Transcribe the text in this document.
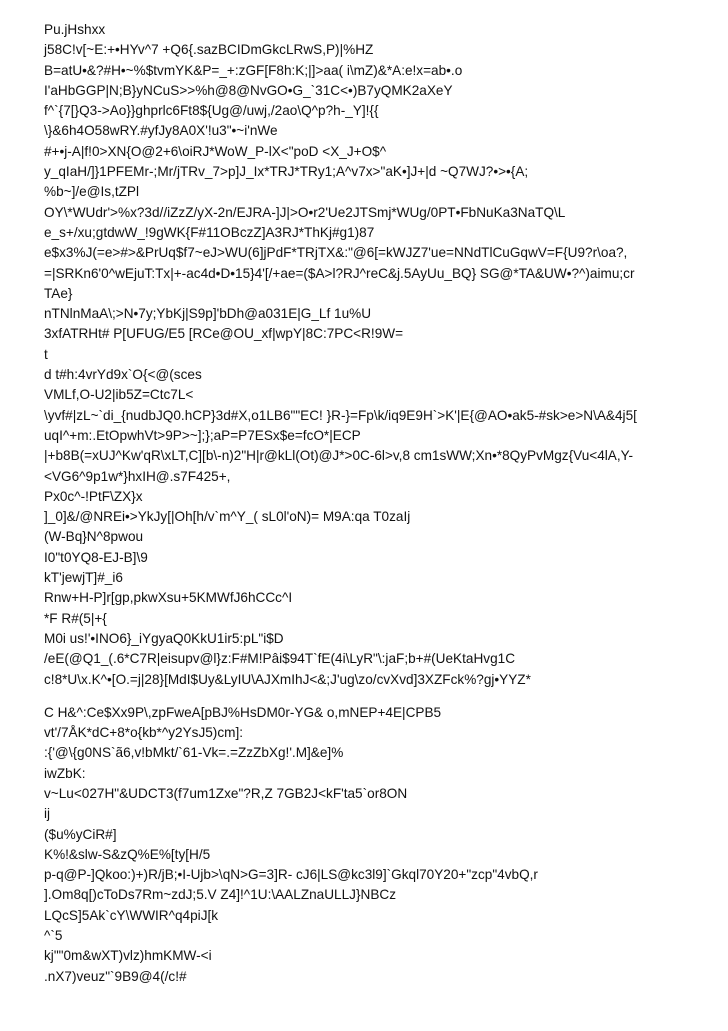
Pu.jHshxx
j58C!v[~E:+•HYv^7 +Q6{.sazBCIDmGkcLRwS,P)|%HZ
B=atU•&?#H•~%$tvmYK&P=_+:zGF[F8h:K;|]>aa( i\mZ)&*A:e!x=ab•.o
I'aHbGGP|N;B}yNCuS>>%h@8@NvGO•G_`31C<•)B7yQMK2aXeY
f^`{7[}Q3->Ao}}ghprlc6Ft8${Ug@/uwj,/2ao\Q^p?h-_Y]!{{
\}&6h4O58wRY.#yfJy8A0X'!u3"•~i'nWe
#+•j-A|f!0>XN{O@2+6\oiRJ*WoW_P-lX<"poD <X_J+O$^
y_qIaH/]}1PFEMr-;Mr/jTRv_7>p]J_Ix*TRJ*TRy1;A^v7x>"aK•]J+|d ~Q7WJ?•>•{A;
%b~]/e@Is,tZPl
OY\*WUdr'>%x?3d//iZzZ/yX-2n/EJRA-]J|>O•r2'Ue2JTSmj*WUg/0PT•FbNuKa3NaTQ\L
e_s+/xu;gtdwW_!9gWK{F#11OBczZ]A3RJ*ThKj#g1)87
e$x3%J(=e>#>&PrUq$f7~eJ>WU(6]jPdF*TRjTX&:"@6[=kWJZ7'ue=NNdTlCuGqwV=F{U9?r\oa?,
=|SRKn6'0^wEjuT:Tx|+-ac4d•D•15}4'[/+ae=($A>l?RJ^reC&j.5AyUu_BQ} SG@*TA&UW•?^)aimu;cr
TAe}
nTNlnMaA\;>N•7y;YbKj|S9p]'bDh@a031E|G_Lf 1u%U
3xfATRHt# P[UFUG/E5 [RCe@OU_xf|wpY|8C:7PC<R!9W=
t
d t#h:4vrYd9x`O{<@(sces
VMLf,O-U2|ib5Z=Ctc7L<
\yvf#|zL~`di_{nudbJQ0.hCP}3d#X,o1LB6""EC! }R-}=Fp\k/iq9E9H`>K'|E{@AO•ak5-#sk>e>N\A&4j5[
uqI^+m:.EtOpwhVt>9P>~];};aP=P7ESx$e=fcO*|ECP
|+b8B(=xUJ^Kw'qR\xLT,C][b\-n)2"H|r@kLl(Ot)@J*>0C-6l>v,8 cm1sWW;Xn•*8QyPvMgz{Vu<4lA,Y-
<VG6^9p1w*}hxIH@.s7F425+,
Px0c^-!PtF\ZX}x
]_0]&/@NREi•>YkJy[|Oh[h/v`m^Y_( sL0l'oN)= M9A:qa T0zaIj
(W-Bq}N^8pwou
I0"t0YQ8-EJ-B]\9
kT'jewjT]#_i6
Rnw+H-P]r[gp,pkwXsu+5KMWfJ6hCCc^I
*F R#(5|+{
M0i us!'•INO6}_iYgyaQ0KkU1ir5:pL"i$D
/eE(@Q1_(.6*C7R|eisupv@l}z:F#M!Pâi$94T`fE(4i\LyR"\:jaF;b+#(UeKtaHvg1C
c!8*U\x.K^•[O.=j|28}[MdI$Uy&LyIU\AJXmIhJ<&;J'ug\zo/cvXvd]3XZFck%?gj•YYZ*
C H&^:Ce$Xx9P\,zpFweA[pBJ%HsDM0r-YG& o,mNEP+4E|CPB5
vt'/7ÅK*dC+8*o{kb*^y2YsJ5)cm]:
:{'@\{g0NS`ã6,v!bMkt/`61-Vk=.=ZzZbXg!'.M]&e]%
iwZbK:
v~Lu<027H"&UDCT3(f7um1Zxe"?R,Z 7GB2J<kF'ta5`or8ON
ij
($u%yCiR#]
K%!&slw-S&zQ%E%[ty[H/5
p-q@P-]Qkoo:)+)R/jB;•I-Ujb>\qN>G=3]R- cJ6|LS@kc3l9]`Gkql70Y20+"zcp"4vbQ,r
].Om8q[)cToDs7Rm~zdJ;5.V Z4]!^1U:\AALZnaULLJ}NBCz
LQcS]5Ak`cY\WWIR^q4piJ[k
^`5
kj""0m&wXT)vlz)hmKMW-<i
.nX7)veuz"`9B9@4(/c!#
